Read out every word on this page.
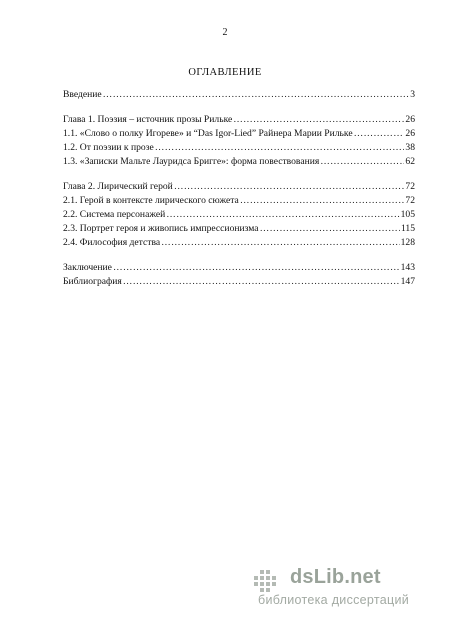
2
ОГЛАВЛЕНИЕ
Введение …………………………………………………………………………………………………………………………………………………………	3
Глава 1. Поэзия – источник прозы Рильке …………………………………………………………………………………………………………………………………………………………	26
1.1. «Слово о полку Игореве» и “Das Igor-Lied” Райнера Марии Рильке …………………………………………………………………………………………………………………………………………………………	26
1.2. От поэзии к прозе …………………………………………………………………………………………………………………………………………………………	38
1.3. «Записки Мальте Лауридса Бригге»: форма повествования …………………………………………………………………………………………………………………………………………………………	62
Глава 2. Лирический герой …………………………………………………………………………………………………………………………………………………………	72
2.1. Герой в контексте лирического сюжета …………………………………………………………………………………………………………………………………………………………	72
2.2. Система персонажей …………………………………………………………………………………………………………………………………………………………	105
2.3. Портрет героя и живопись импрессионизма …………………………………………………………………………………………………………………………………………………………	115
2.4. Философия детства …………………………………………………………………………………………………………………………………………………………	128
Заключение …………………………………………………………………………………………………………………………………………………………	143
Библиография …………………………………………………………………………………………………………………………………………………………	147
dsLib.net
библиотека диссертаций
